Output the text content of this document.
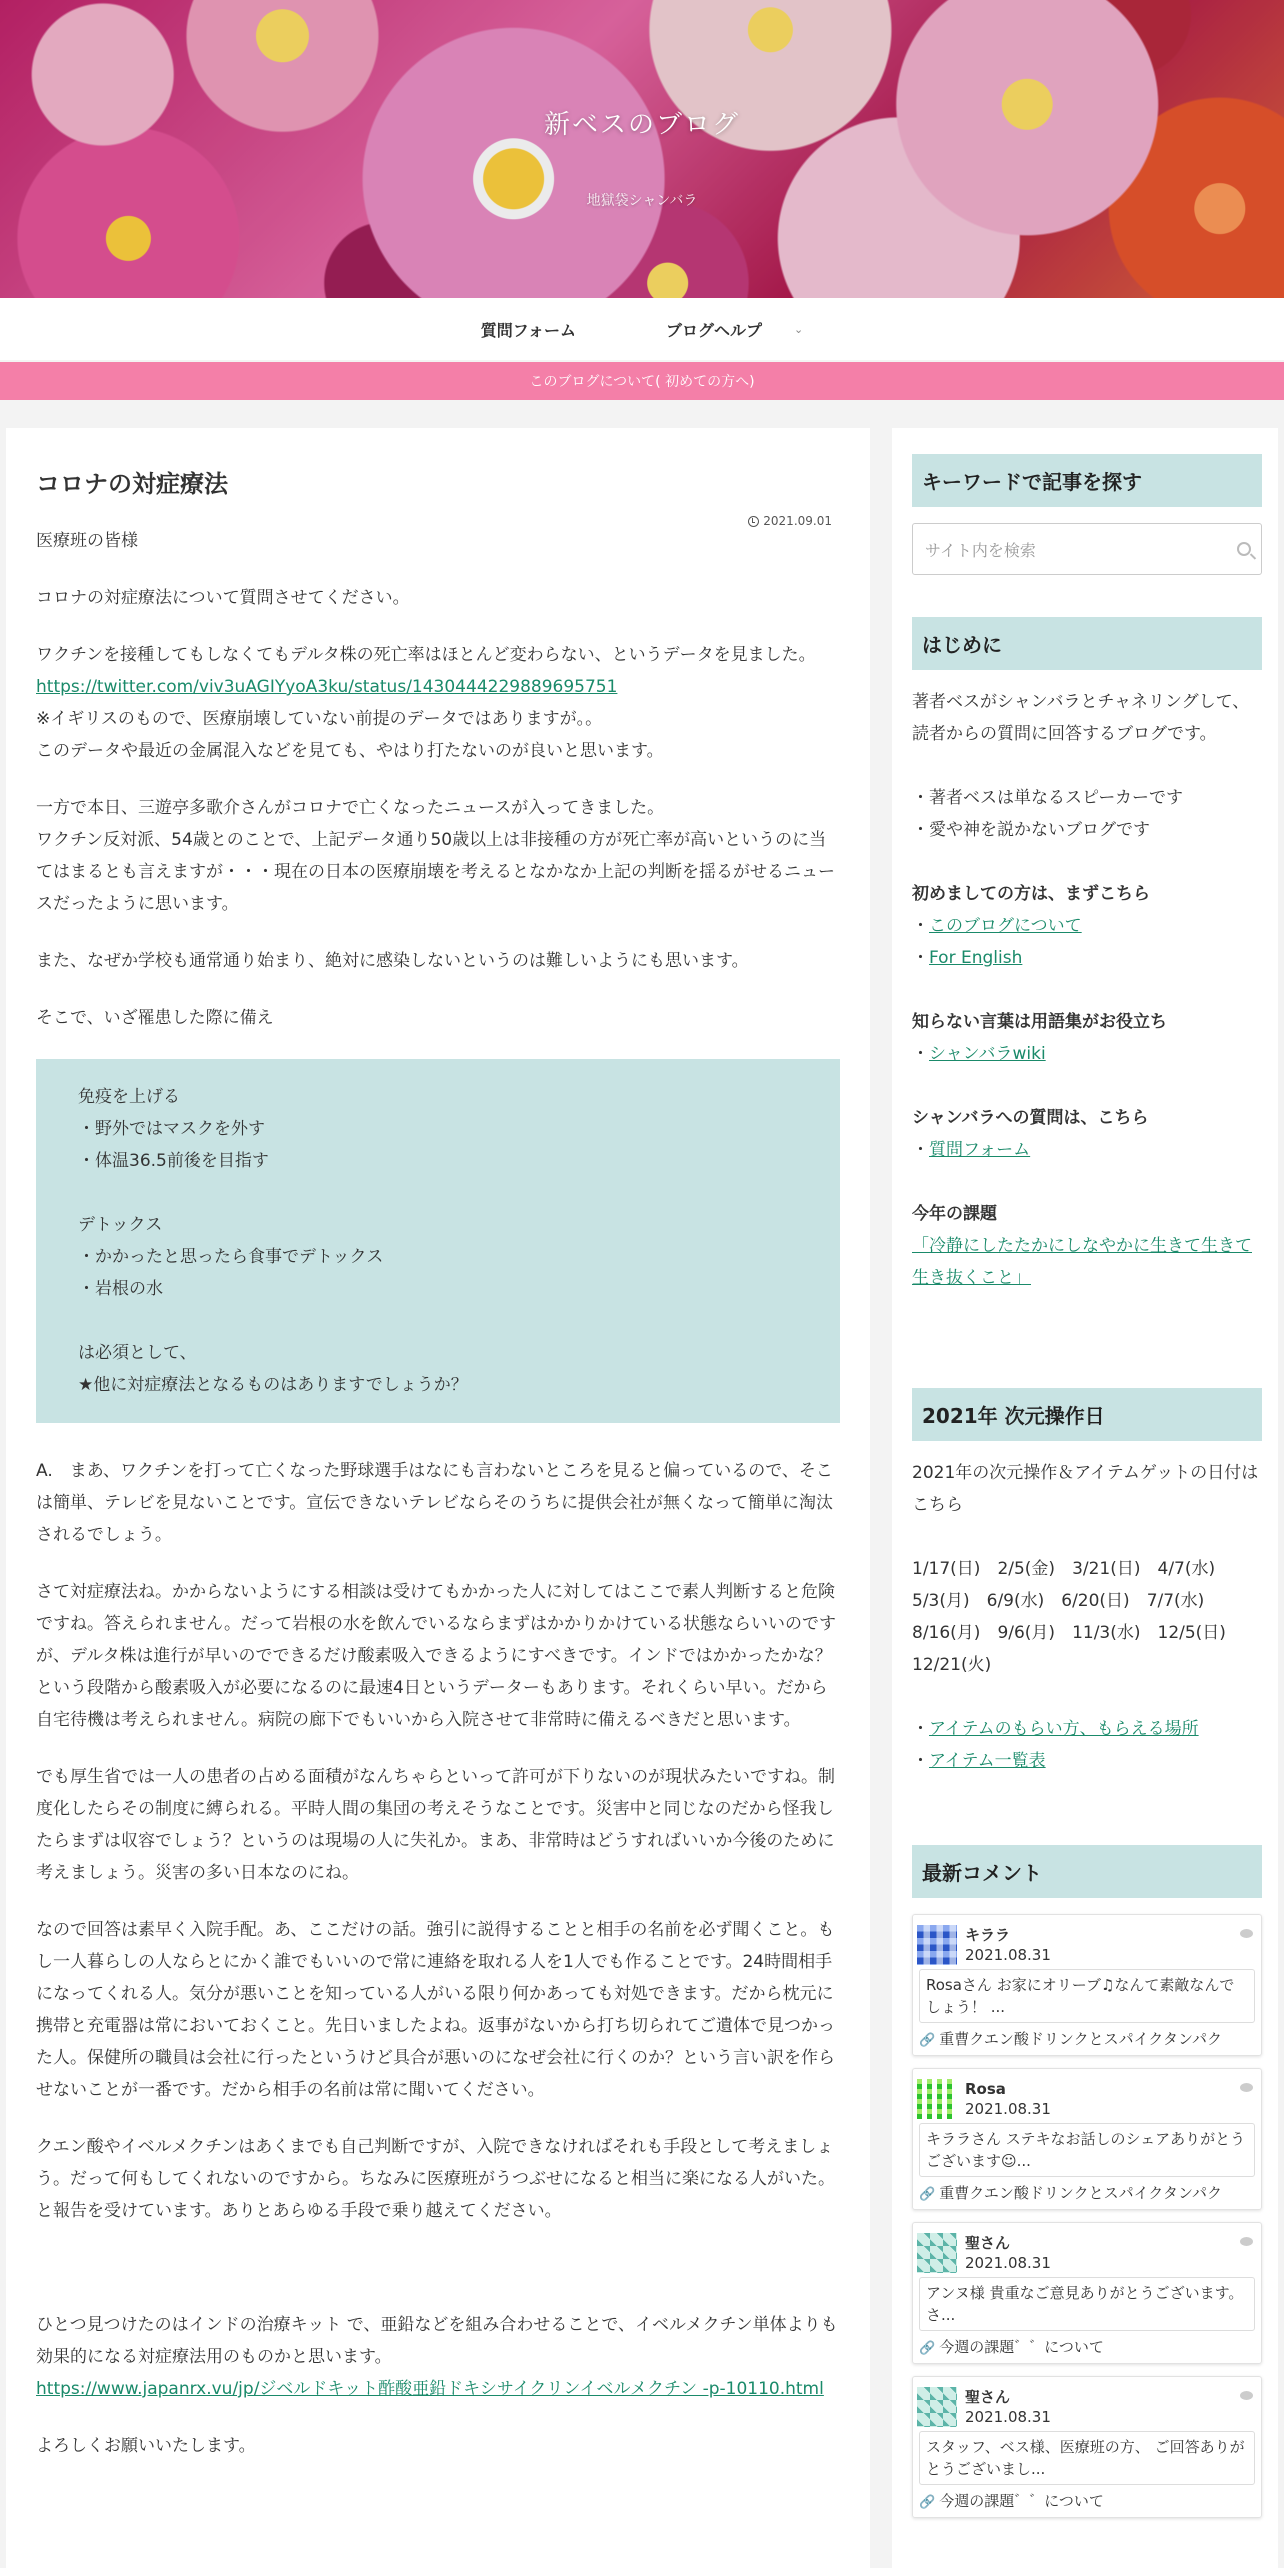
新ベスのブログ
地獄袋シャンバラ
質問フォーム	ブログヘルプ	⌄
このブログについて( 初めての方へ)
コロナの対症療法
2021.09.01

医療班の皆様

コロナの対症療法について質問させてください。

ワクチンを接種してもしなくてもデルタ株の死亡率はほとんど変わらない、というデータを見ました。
https://twitter.com/viv3uAGIYyoA3ku/status/1430444229889695751
※イギリスのもので、医療崩壊していない前提のデータではありますが。。
このデータや最近の金属混入などを見ても、やはり打たないのが良いと思います。
一方で本日、三遊亭多歌介さんがコロナで亡くなったニュースが入ってきました。
ワクチン反対派、54歳とのことで、上記データ通り50歳以上は非接種の方が死亡率が高いというのに当てはまるとも言えますが・・・現在の日本の医療崩壊を考えるとなかなか上記の判断を揺るがせるニュースだったように思います。

また、なぜか学校も通常通り始まり、絶対に感染しないというのは難しいようにも思います。

そこで、いざ罹患した際に備え

免疫を上げる
・野外ではマスクを外す
・体温36.5前後を目指す
デトックス
・かかったと思ったら食事でデトックス
・岩根の水
は必須として、
★他に対症療法となるものはありますでしょうか？

A.　まあ、ワクチンを打って亡くなった野球選手はなにも言わないところを見ると偏っているので、そこは簡単、テレビを見ないことです。宣伝できないテレビならそのうちに提供会社が無くなって簡単に淘汰されるでしょう。

さて対症療法ね。かからないようにする相談は受けてもかかった人に対してはここで素人判断すると危険ですね。答えられません。だって岩根の水を飲んでいるならまずはかかりかけている状態ならいいのですが、デルタ株は進行が早いのでできるだけ酸素吸入できるようにすべきです。インドではかかったかな？という段階から酸素吸入が必要になるのに最速4日というデーターもあります。それくらい早い。だから自宅待機は考えられません。病院の廊下でもいいから入院させて非常時に備えるべきだと思います。

でも厚生省では一人の患者の占める面積がなんちゃらといって許可が下りないのが現状みたいですね。制度化したらその制度に縛られる。平時人間の集団の考えそうなことです。災害中と同じなのだから怪我したらまずは収容でしょう？というのは現場の人に失礼か。まあ、非常時はどうすればいいか今後のために考えましょう。災害の多い日本なのにね。

なので回答は素早く入院手配。あ、ここだけの話。強引に説得することと相手の名前を必ず聞くこと。もし一人暮らしの人ならとにかく誰でもいいので常に連絡を取れる人を1人でも作ることです。24時間相手になってくれる人。気分が悪いことを知っている人がいる限り何かあっても対処できます。だから枕元に携帯と充電器は常においておくこと。先日いましたよね。返事がないから打ち切られてご遺体で見つかった人。保健所の職員は会社に行ったというけど具合が悪いのになぜ会社に行くのか？という言い訳を作らせないことが一番です。だから相手の名前は常に聞いてください。

クエン酸やイベルメクチンはあくまでも自己判断ですが、入院できなければそれも手段として考えましょう。だって何もしてくれないのですから。ちなみに医療班がうつぶせになると相当に楽になる人がいた。と報告を受けています。ありとあらゆる手段で乗り越えてください。

ひとつ見つけたのはインドの治療キット で、亜鉛などを組み合わせることで、イベルメクチン単体よりも効果的になる対症療法用のものかと思います。
https://www.japanrx.vu/jp/ジベルドキット酢酸亜鉛ドキシサイクリンイベルメクチン -p-10110.html

よろしくお願いいたします。

キーワードで記事を探す
サイト内を検索
はじめに
著者ベスがシャンバラとチャネリングして、読者からの質問に回答するブログです。
・著者ベスは単なるスピーカーです
・愛や神を説かないブログです
初めましての方は、まずこちら
・このブログについて
・For English
知らない言葉は用語集がお役立ち
・シャンバラwiki
シャンバラへの質問は、こちら
・質問フォーム
今年の課題
「冷静にしたたかにしなやかに生きて生きて生き抜くこと」
2021年 次元操作日
2021年の次元操作＆アイテムゲットの日付はこちら
1/17(日)　2/5(金)　3/21(日)　4/7(水)
5/3(月)　6/9(水)　6/20(日)　7/7(水)
8/16(月)　9/6(月)　11/3(水)　12/5(日)
12/21(火)
・アイテムのもらい方、もらえる場所
・アイテム一覧表
最新コメント
キララ
2021.08.31
Rosaさん お家にオリーブ♫なんて素敵なんでしょう！ ...
🔗 重曹クエン酸ドリンクとスパイクタンパク
Rosa
2021.08.31
キララさん ステキなお話しのシェアありがとうございます☺...
🔗 重曹クエン酸ドリンクとスパイクタンパク
聖さん
2021.08.31
アンヌ様 貴重なご意見ありがとうございます。 さ...
🔗 今週の課題゛゛について
聖さん
2021.08.31
スタッフ、ベス様、医療班の方、 ご回答ありがとうございまし...
🔗 今週の課題゛゛について
